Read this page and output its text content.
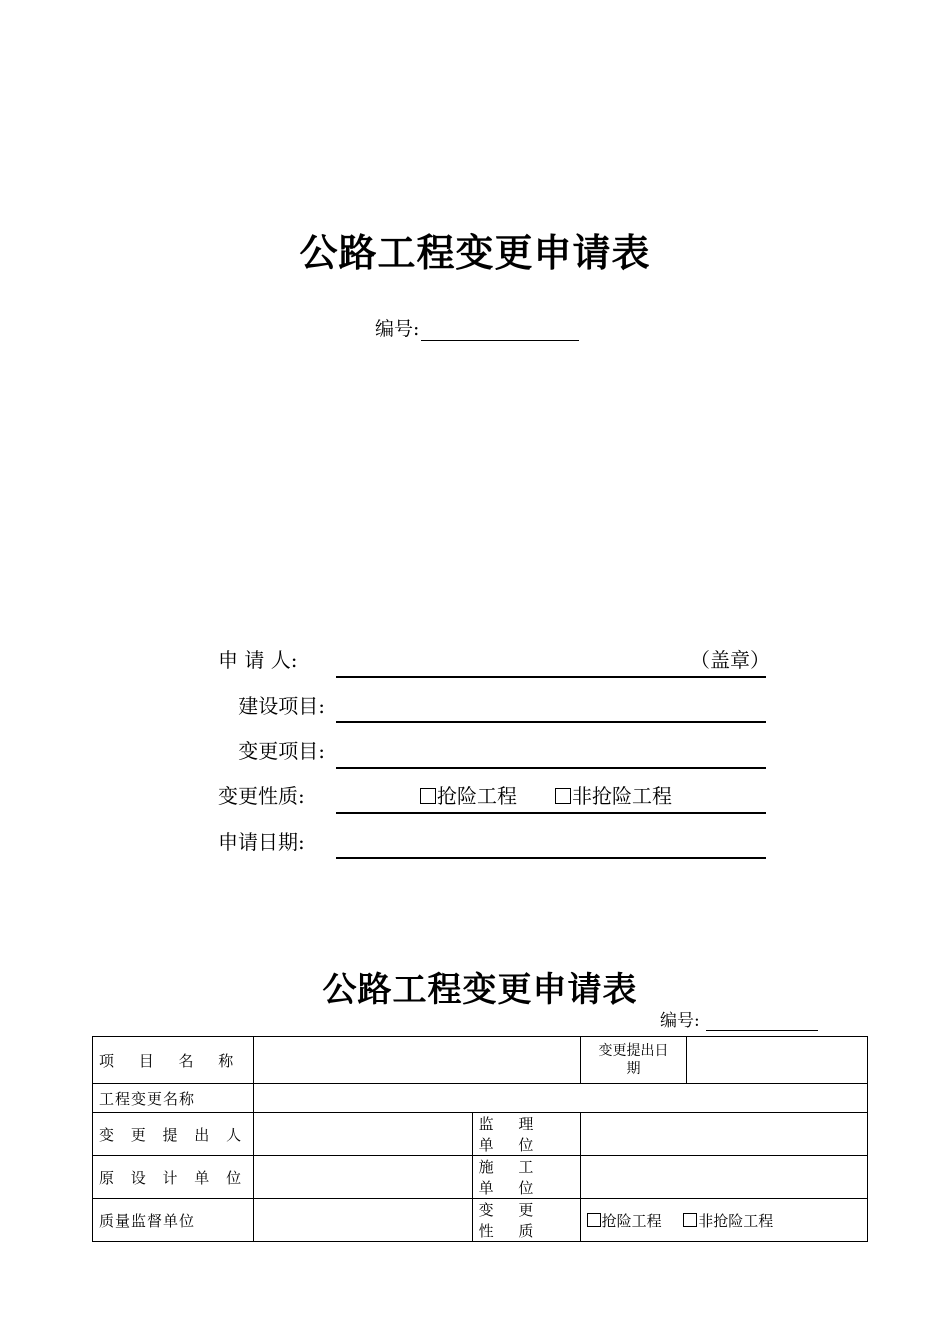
公路工程变更申请表
编号:
申 请 人:	（盖章）
建设项目:
变更项目:
变更性质:	抢险工程	非抢险工程
申请日期:
公路工程变更申请表
编号:
项 目 名 称			变更提出日期	
工程变更名称				
变 更 提 出 人		监 理 单 位		
原 设 计 单 位		施 工 单 位		
质量监督单位		变 更 性 质	抢险工程 非抢险工程	
